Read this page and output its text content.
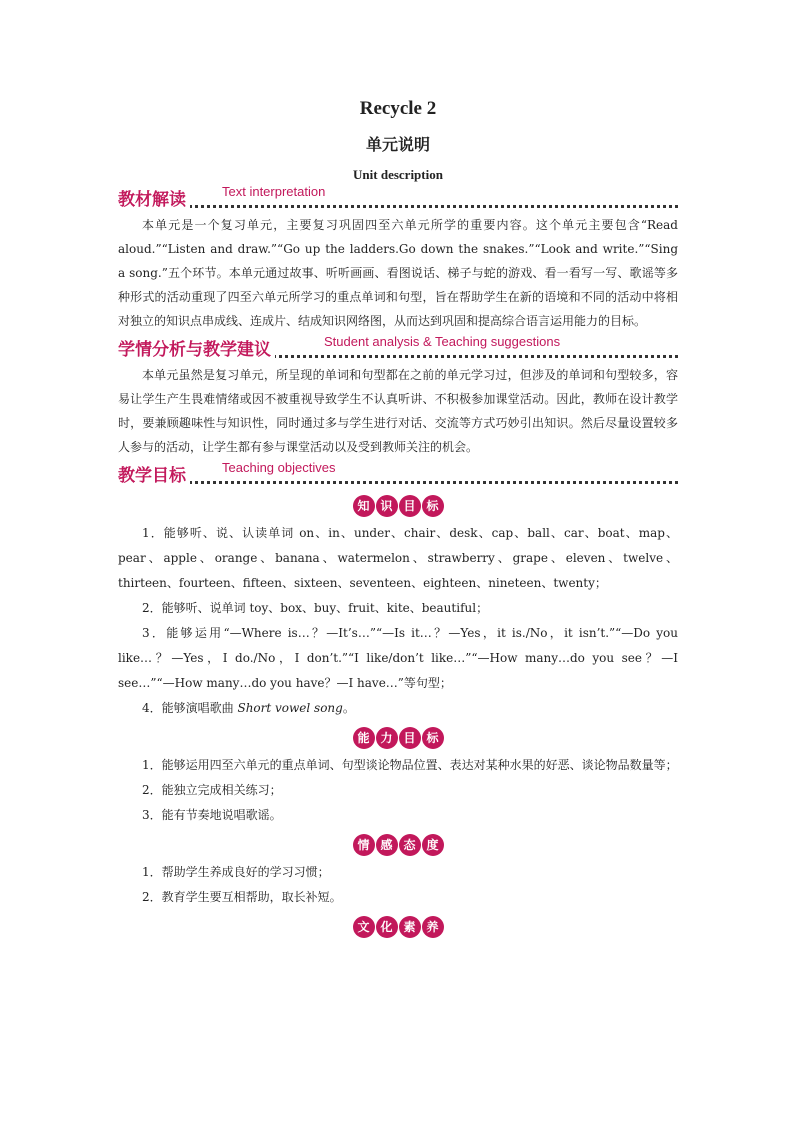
Recycle 2
单元说明
Unit description
教材解读	Text interpretation

本单元是一个复习单元，主要复习巩固四至六单元所学的重要内容。这个单元主要包含“Read aloud.”“Listen and draw.”“Go up the ladders.Go down the snakes.”“Look and write.”“Sing a song.”五个环节。本单元通过故事、听听画画、看图说话、梯子与蛇的游戏、看一看写一写、歌谣等多种形式的活动重现了四至六单元所学习的重点单词和句型，旨在帮助学生在新的语境和不同的活动中将相对独立的知识点串成线、连成片、结成知识网络图，从而达到巩固和提高综合语言运用能力的目标。

学情分析与教学建议	Student analysis & Teaching suggestions

本单元虽然是复习单元，所呈现的单词和句型都在之前的单元学习过，但涉及的单词和句型较多，容易让学生产生畏难情绪或因不被重视导致学生不认真听讲、不积极参加课堂活动。因此，教师在设计教学时，要兼顾趣味性与知识性，同时通过多与学生进行对话、交流等方式巧妙引出知识。然后尽量设置较多人参与的活动，让学生都有参与课堂活动以及受到教师关注的机会。

教学目标	Teaching objectives
知 识 目 标

1．能够听、说、认读单词 on、in、under、chair、desk、cap、ball、car、boat、map、pear、apple、orange、banana、watermelon、strawberry、grape、eleven、twelve、thirteen、fourteen、fifteen、sixteen、seventeen、eighteen、nineteen、twenty；

2．能够听、说单词 toy、box、buy、fruit、kite、beautiful；

3．能够运用“—Where is…？—It’s…”“—Is it…？—Yes，it is./No，it isn’t.”“—Do you like…？—Yes，I do./No，I don’t.”“I like/don’t like…”“—How many…do you see？—I see…”“—How many…do you have？—I have…”等句型；

4．能够演唱歌曲 Short vowel song。

能 力 目 标

1．能够运用四至六单元的重点单词、句型谈论物品位置、表达对某种水果的好恶、谈论物品数量等；

2．能独立完成相关练习；

3．能有节奏地说唱歌谣。

情 感 态 度

1．帮助学生养成良好的学习习惯；

2．教育学生要互相帮助，取长补短。

文 化 素 养
